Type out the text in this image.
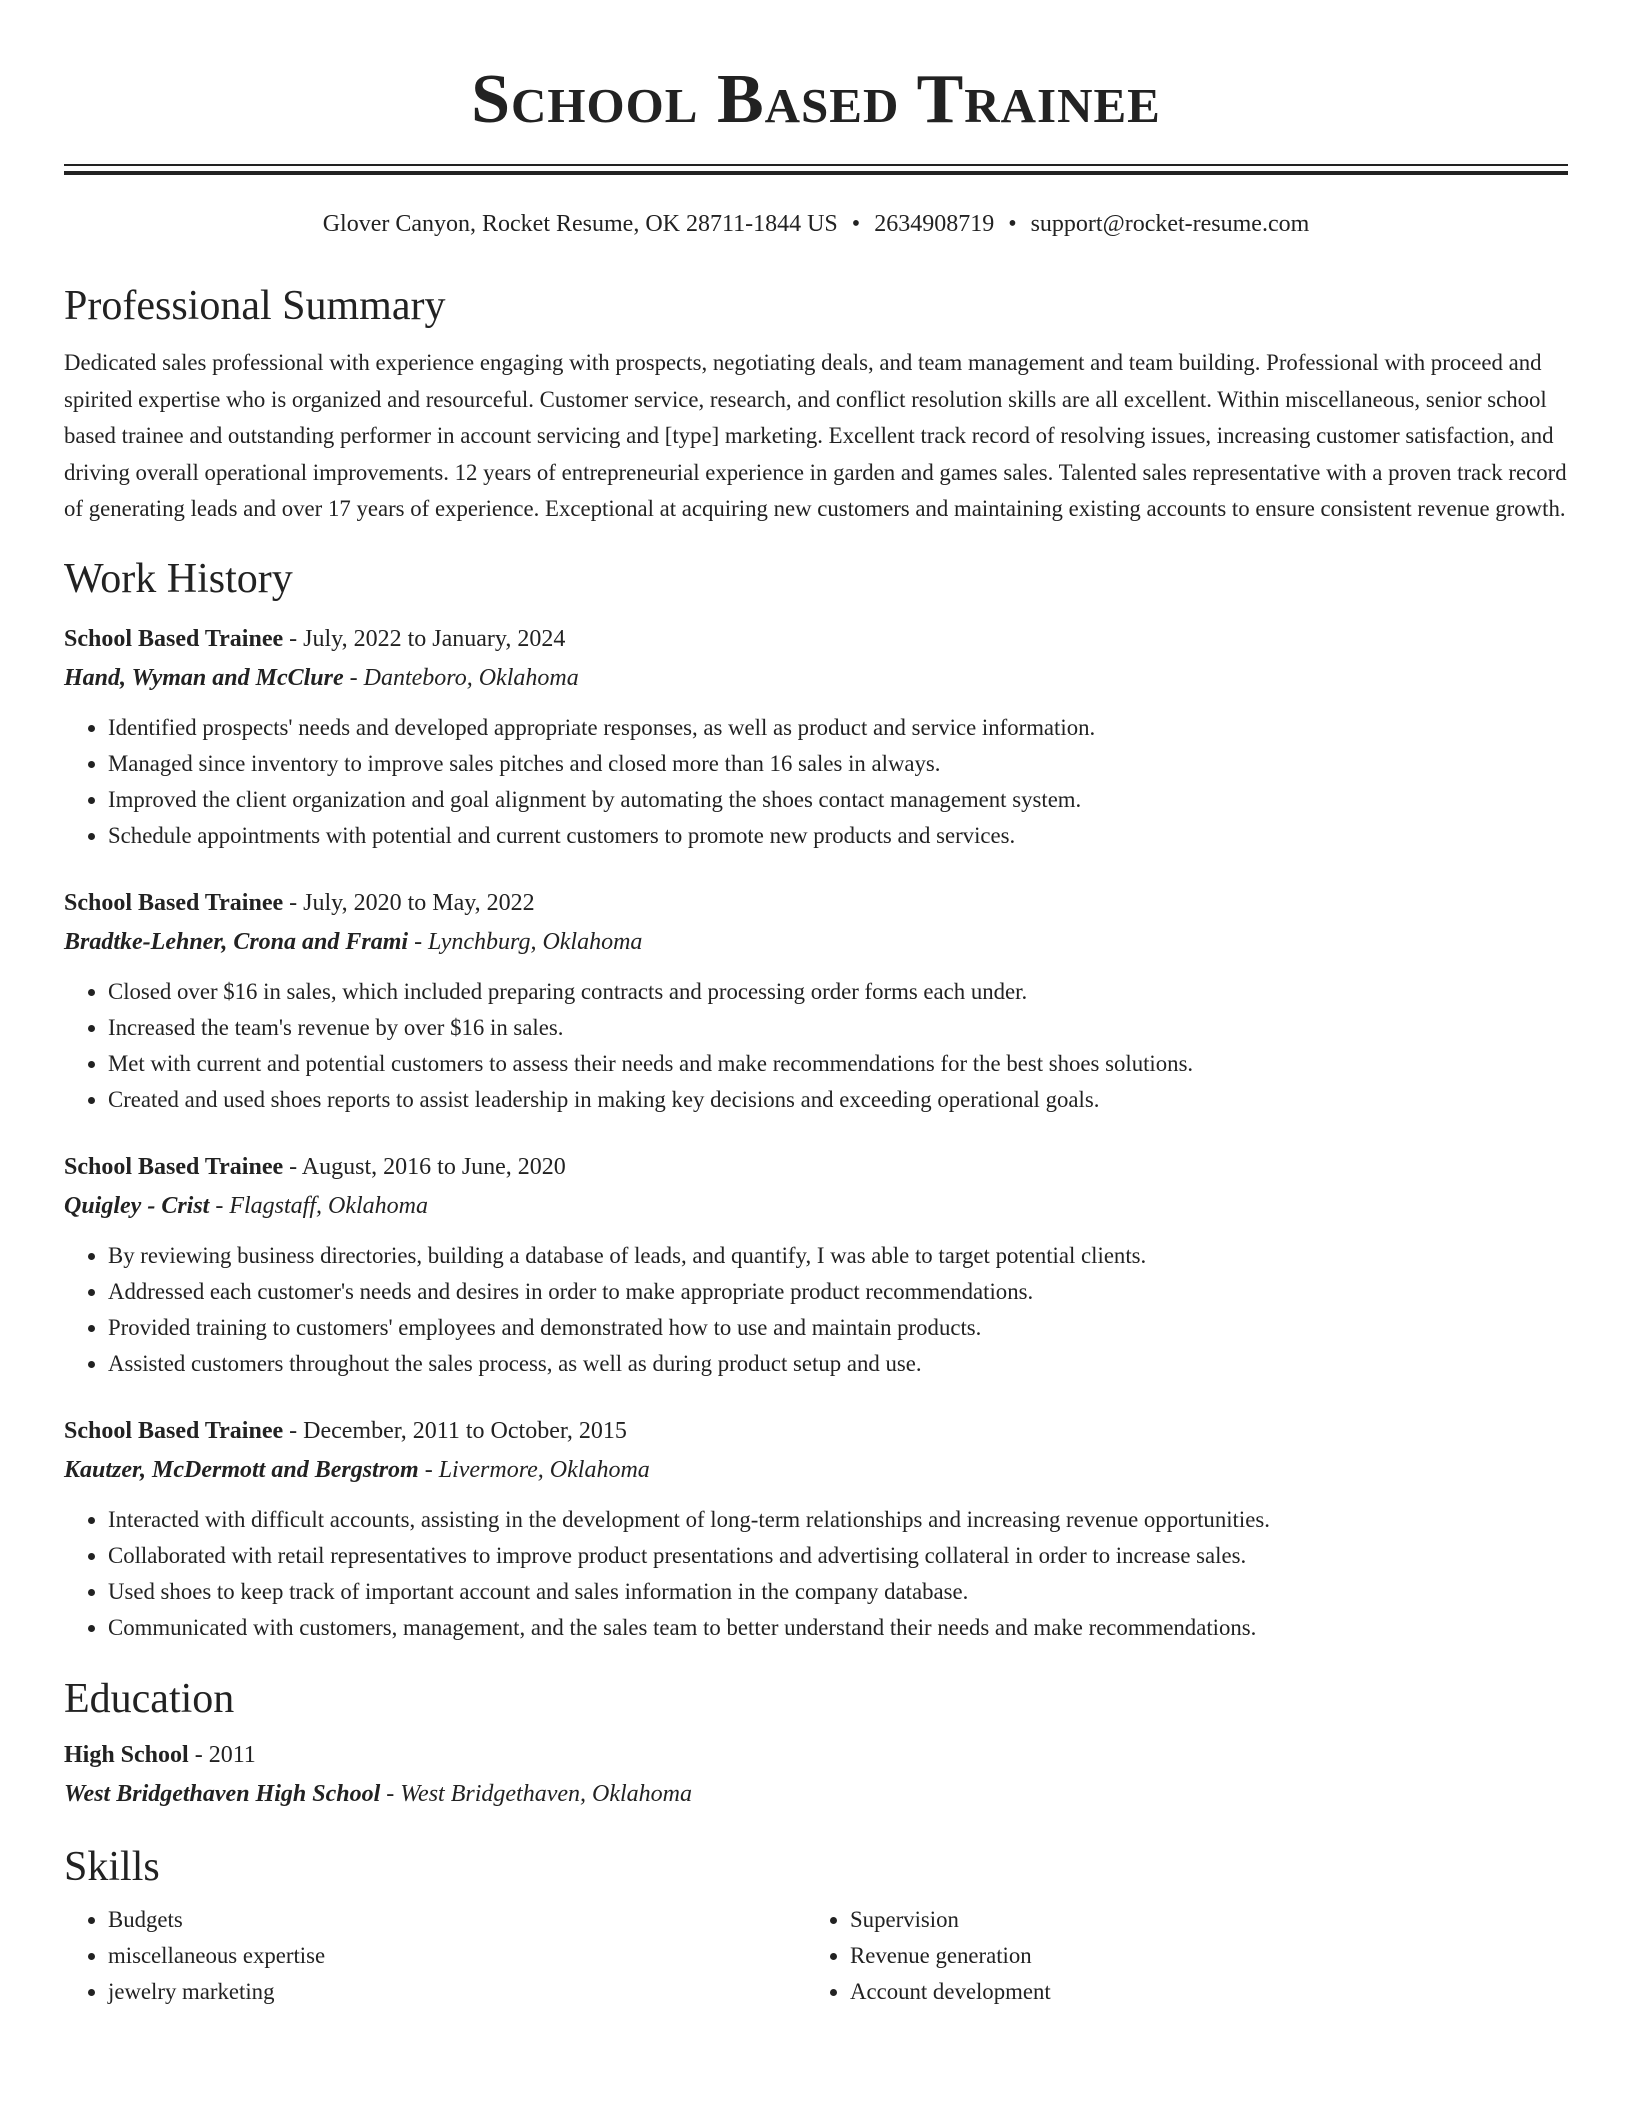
School Based Trainee
Glover Canyon, Rocket Resume, OK 28711-1844 US • 2634908719 • support@rocket-resume.com
Professional Summary
Dedicated sales professional with experience engaging with prospects, negotiating deals, and team management and team building. Professional with proceed and spirited expertise who is organized and resourceful. Customer service, research, and conflict resolution skills are all excellent. Within miscellaneous, senior school based trainee and outstanding performer in account servicing and [type] marketing. Excellent track record of resolving issues, increasing customer satisfaction, and driving overall operational improvements. 12 years of entrepreneurial experience in garden and games sales. Talented sales representative with a proven track record of generating leads and over 17 years of experience. Exceptional at acquiring new customers and maintaining existing accounts to ensure consistent revenue growth.
Work History
School Based Trainee - July, 2022 to January, 2024
Hand, Wyman and McClure - Danteboro, Oklahoma
• Identified prospects' needs and developed appropriate responses, as well as product and service information.
• Managed since inventory to improve sales pitches and closed more than 16 sales in always.
• Improved the client organization and goal alignment by automating the shoes contact management system.
• Schedule appointments with potential and current customers to promote new products and services.
School Based Trainee - July, 2020 to May, 2022
Bradtke-Lehner, Crona and Frami - Lynchburg, Oklahoma
• Closed over $16 in sales, which included preparing contracts and processing order forms each under.
• Increased the team's revenue by over $16 in sales.
• Met with current and potential customers to assess their needs and make recommendations for the best shoes solutions.
• Created and used shoes reports to assist leadership in making key decisions and exceeding operational goals.
School Based Trainee - August, 2016 to June, 2020
Quigley - Crist - Flagstaff, Oklahoma
• By reviewing business directories, building a database of leads, and quantify, I was able to target potential clients.
• Addressed each customer's needs and desires in order to make appropriate product recommendations.
• Provided training to customers' employees and demonstrated how to use and maintain products.
• Assisted customers throughout the sales process, as well as during product setup and use.
School Based Trainee - December, 2011 to October, 2015
Kautzer, McDermott and Bergstrom - Livermore, Oklahoma
• Interacted with difficult accounts, assisting in the development of long-term relationships and increasing revenue opportunities.
• Collaborated with retail representatives to improve product presentations and advertising collateral in order to increase sales.
• Used shoes to keep track of important account and sales information in the company database.
• Communicated with customers, management, and the sales team to better understand their needs and make recommendations.
Education
High School - 2011
West Bridgethaven High School - West Bridgethaven, Oklahoma
Skills
• Budgets
• miscellaneous expertise
• jewelry marketing
• Supervision
• Revenue generation
• Account development
